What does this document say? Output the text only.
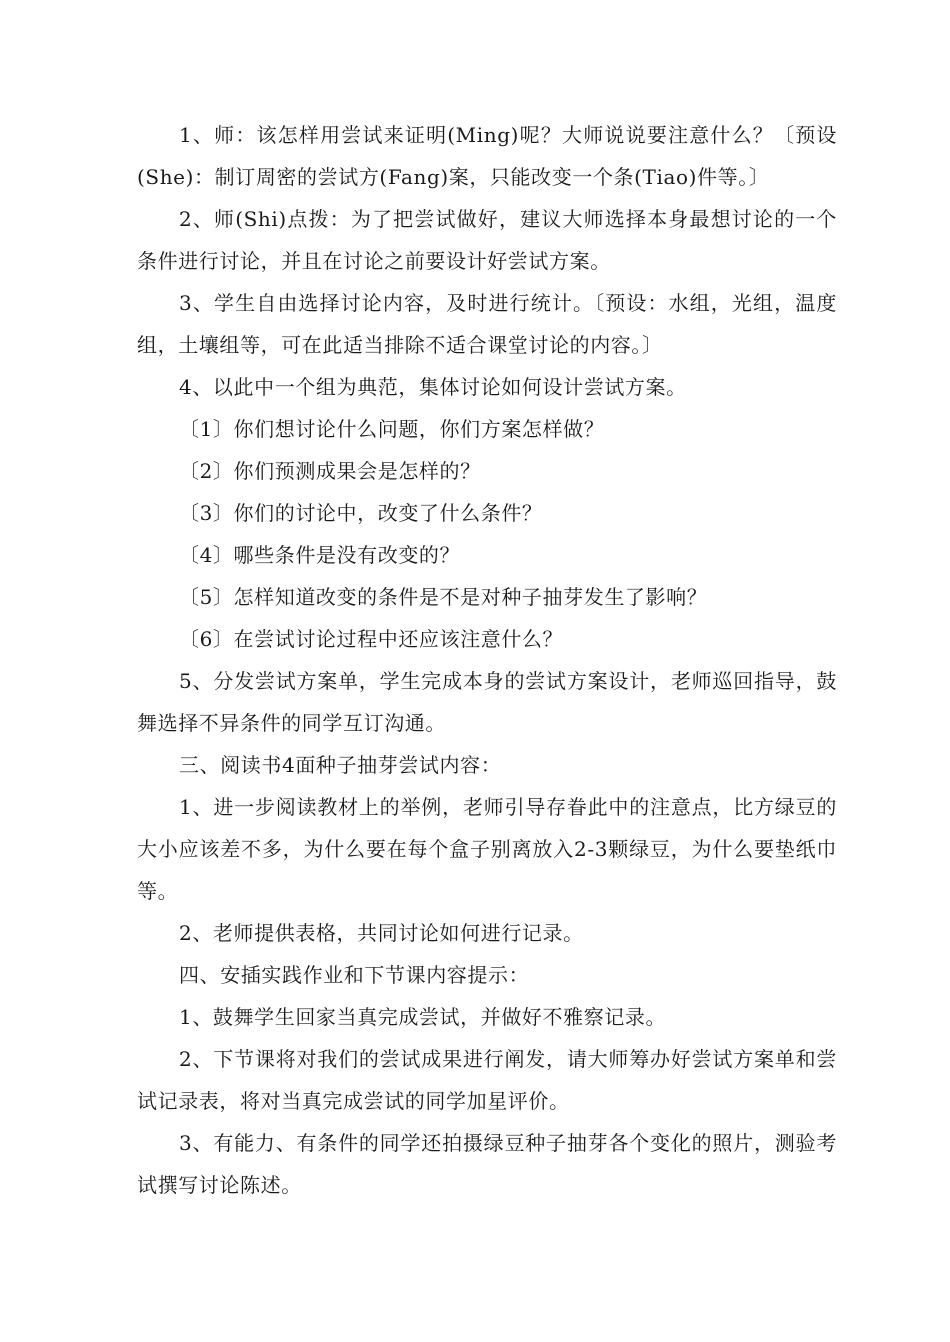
1、师：该怎样用尝试来证明(Ming)呢？大师说说要注意什么？〔预设(She)：制订周密的尝试方(Fang)案，只能改变一个条(Tiao)件等。〕

2、师(Shi)点拨：为了把尝试做好，建议大师选择本身最想讨论的一个条件进行讨论，并且在讨论之前要设计好尝试方案。

3、学生自由选择讨论内容，及时进行统计。〔预设：水组，光组，温度组，土壤组等，可在此适当排除不适合课堂讨论的内容。〕

4、以此中一个组为典范，集体讨论如何设计尝试方案。

〔1〕你们想讨论什么问题，你们方案怎样做？

〔2〕你们预测成果会是怎样的？

〔3〕你们的讨论中，改变了什么条件？

〔4〕哪些条件是没有改变的？

〔5〕怎样知道改变的条件是不是对种子抽芽发生了影响？

〔6〕在尝试讨论过程中还应该注意什么？

5、分发尝试方案单，学生完成本身的尝试方案设计，老师巡回指导，鼓舞选择不异条件的同学互订沟通。

三、阅读书4面种子抽芽尝试内容：

1、进一步阅读教材上的举例，老师引导存眷此中的注意点，比方绿豆的大小应该差不多，为什么要在每个盒子别离放入2-3颗绿豆，为什么要垫纸巾等。

2、老师提供表格，共同讨论如何进行记录。

四、安插实践作业和下节课内容提示：

1、鼓舞学生回家当真完成尝试，并做好不雅察记录。

2、下节课将对我们的尝试成果进行阐发，请大师筹办好尝试方案单和尝试记录表，将对当真完成尝试的同学加星评价。

3、有能力、有条件的同学还拍摄绿豆种子抽芽各个变化的照片，测验考试撰写讨论陈述。
